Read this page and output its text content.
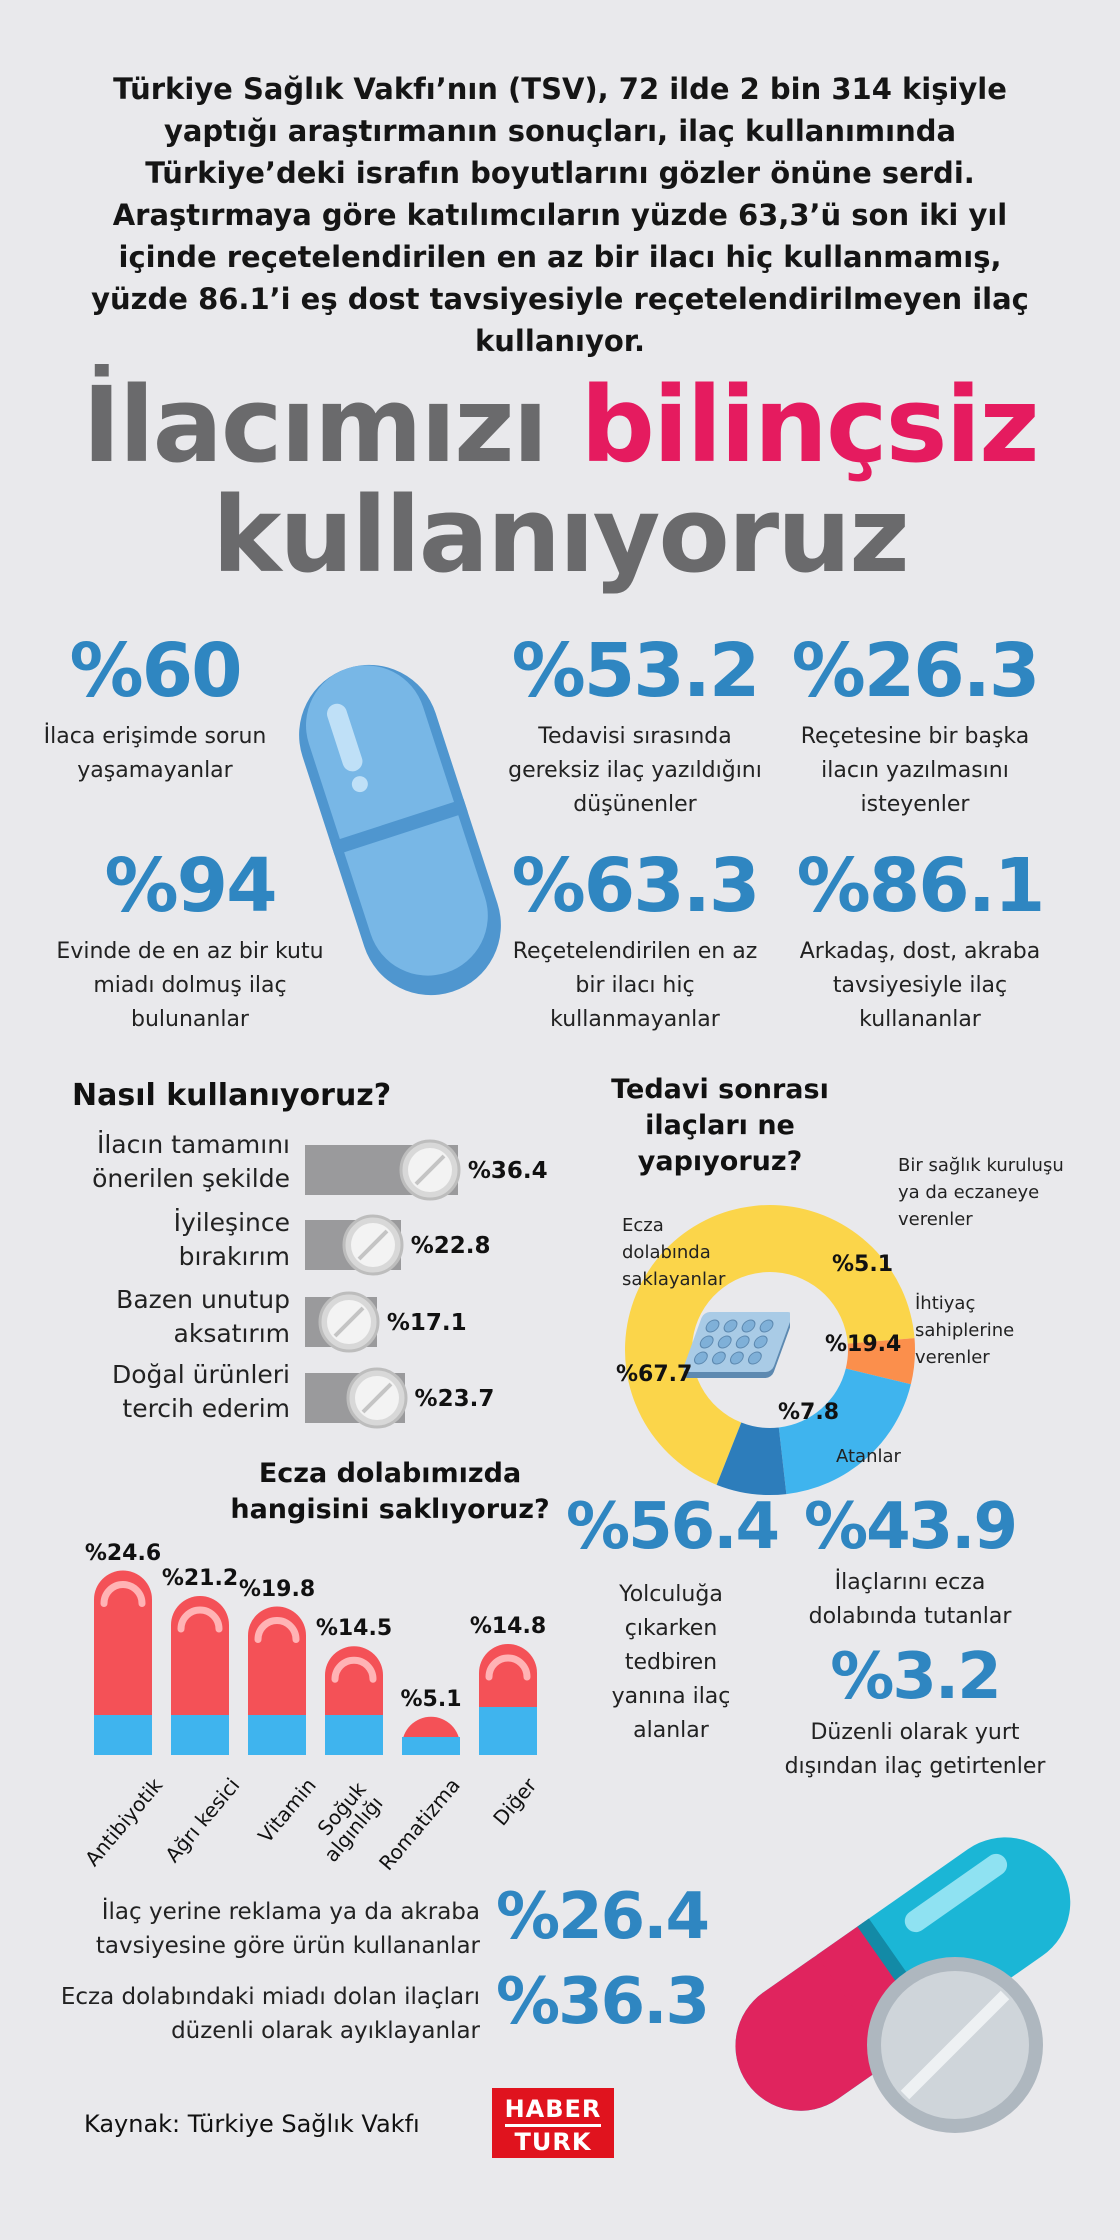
Türkiye Sağlık Vakfı’nın (TSV), 72 ilde 2 bin 314 kişiyle yaptığı araştırmanın sonuçları, ilaç kullanımında Türkiye’deki israfın boyutlarını gözler önüne serdi. Araştırmaya göre katılımcıların yüzde 63,3’ü son iki yıl içinde reçetelendirilen en az bir ilacı hiç kullanmamış, yüzde 86.1’i eş dost tavsiyesiyle reçetelendirilmeyen ilaç kullanıyor.
İlacımızı bilinçsiz
kullanıyoruz
%60
İlaca erişimde sorun yaşamayanlar
%53.2
Tedavisi sırasında gereksiz ilaç yazıldığını düşünenler
%26.3
Reçetesine bir başka ilacın yazılmasını isteyenler
%94
Evinde de en az bir kutu miadı dolmuş ilaç bulunanlar
%63.3
Reçetelendirilen en az bir ilacı hiç kullanmayanlar
%86.1
Arkadaş, dost, akraba tavsiyesiyle ilaç kullananlar
Nasıl kullanıyoruz?
İlacın tamamını önerilen şekilde
İyileşince bırakırım
Bazen unutup aksatırım
Doğal ürünleri tercih ederim
%36.4
%22.8
%17.1
%23.7
Tedavi sonrası ilaçları ne yapıyoruz?
Ecza dolabında saklayanlar
Bir sağlık kuruluşu ya da eczaneye verenler
İhtiyaç sahiplerine verenler
Atanlar
%67.7
%5.1
%19.4
%7.8
Ecza dolabımızda hangisini saklıyoruz?
%24.6
%21.2 %19.8
%14.5
%5.1
%14.8
Antibiyotik
Ağrı kesici Vitamin
Soğuk algınlığı
Romatizma Diğer
%56.4
Yolculuğa çıkarken tedbiren yanına ilaç alanlar
%43.9
İlaçlarını ecza dolabında tutanlar
%3.2
Düzenli olarak yurt dışından ilaç getirtenler
İlaç yerine reklama ya da akraba tavsiyesine göre ürün kullananlar %26.4
Ecza dolabındaki miadı dolan ilaçları düzenli olarak ayıklayanlar %36.3
Kaynak: Türkiye Sağlık Vakfı
HABER
TURK
